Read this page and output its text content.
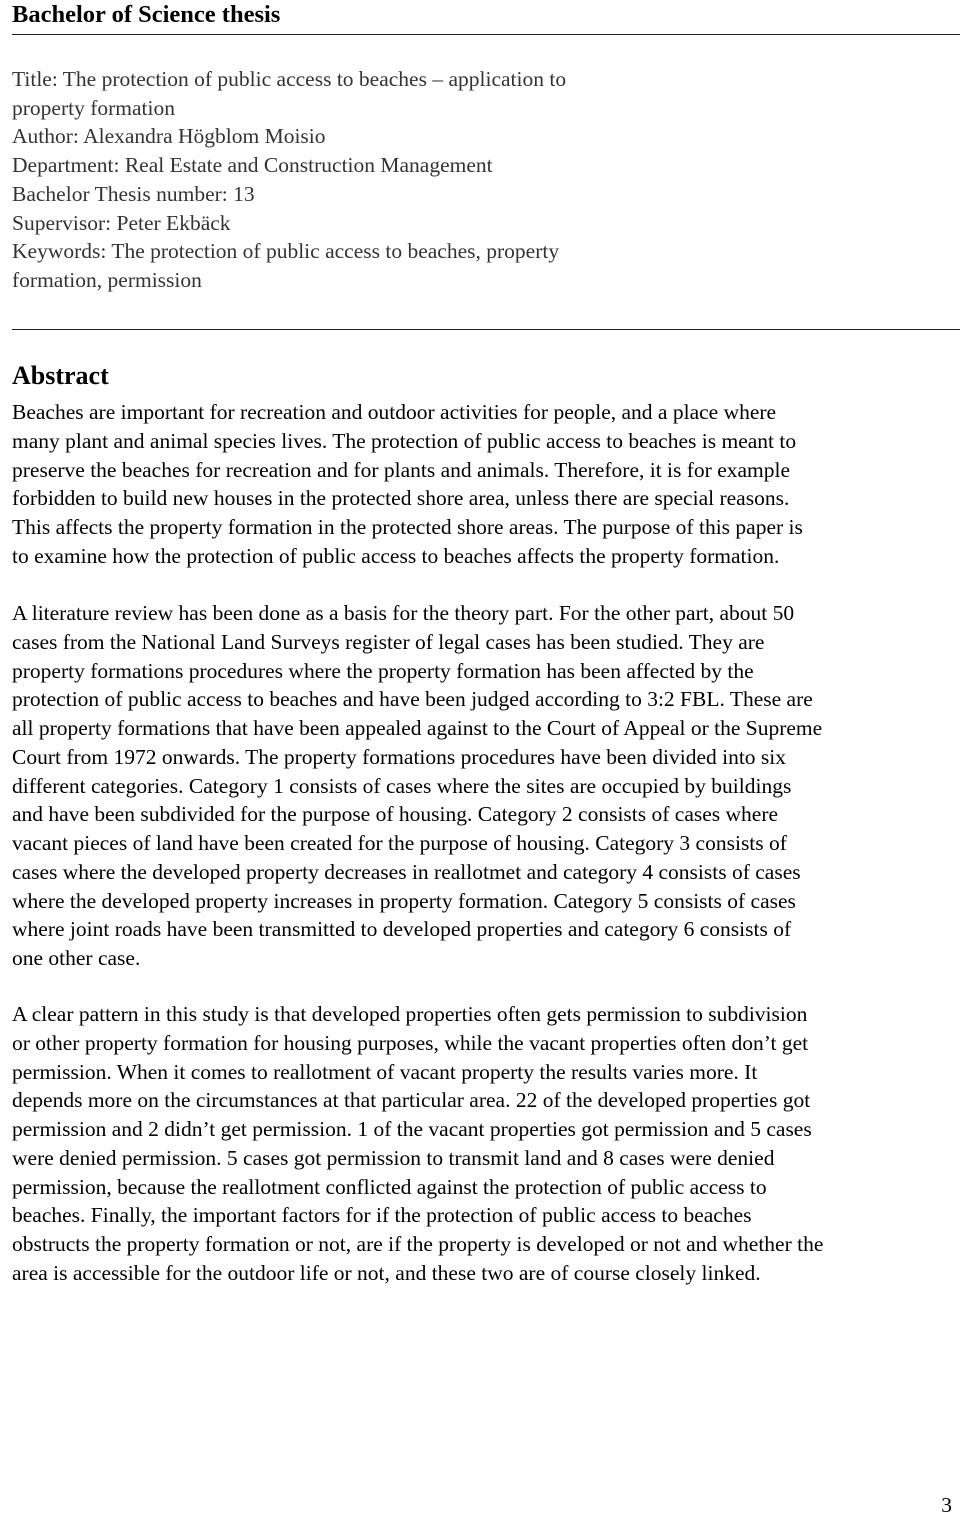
Bachelor of Science thesis
Title: The protection of public access to beaches – application to
property formation
Author: Alexandra Högblom Moisio
Department: Real Estate and Construction Management
Bachelor Thesis number: 13
Supervisor: Peter Ekbäck
Keywords: The protection of public access to beaches, property
formation, permission
Abstract
Beaches are important for recreation and outdoor activities for people, and a place where
many plant and animal species lives. The protection of public access to beaches is meant to
preserve the beaches for recreation and for plants and animals. Therefore, it is for example
forbidden to build new houses in the protected shore area, unless there are special reasons.
This affects the property formation in the protected shore areas. The purpose of this paper is
to examine how the protection of public access to beaches affects the property formation.
A literature review has been done as a basis for the theory part. For the other part, about 50
cases from the National Land Surveys register of legal cases has been studied. They are
property formations procedures where the property formation has been affected by the
protection of public access to beaches and have been judged according to 3:2 FBL. These are
all property formations that have been appealed against to the Court of Appeal or the Supreme
Court from 1972 onwards. The property formations procedures have been divided into six
different categories. Category 1 consists of cases where the sites are occupied by buildings
and have been subdivided for the purpose of housing. Category 2 consists of cases where
vacant pieces of land have been created for the purpose of housing. Category 3 consists of
cases where the developed property decreases in reallotmet and category 4 consists of cases
where the developed property increases in property formation. Category 5 consists of cases
where joint roads have been transmitted to developed properties and category 6 consists of
one other case.
A clear pattern in this study is that developed properties often gets permission to subdivision
or other property formation for housing purposes, while the vacant properties often don’t get
permission. When it comes to reallotment of vacant property the results varies more. It
depends more on the circumstances at that particular area. 22 of the developed properties got
permission and 2 didn’t get permission. 1 of the vacant properties got permission and 5 cases
were denied permission. 5 cases got permission to transmit land and 8 cases were denied
permission, because the reallotment conflicted against the protection of public access to
beaches. Finally, the important factors for if the protection of public access to beaches
obstructs the property formation or not, are if the property is developed or not and whether the
area is accessible for the outdoor life or not, and these two are of course closely linked.
3
